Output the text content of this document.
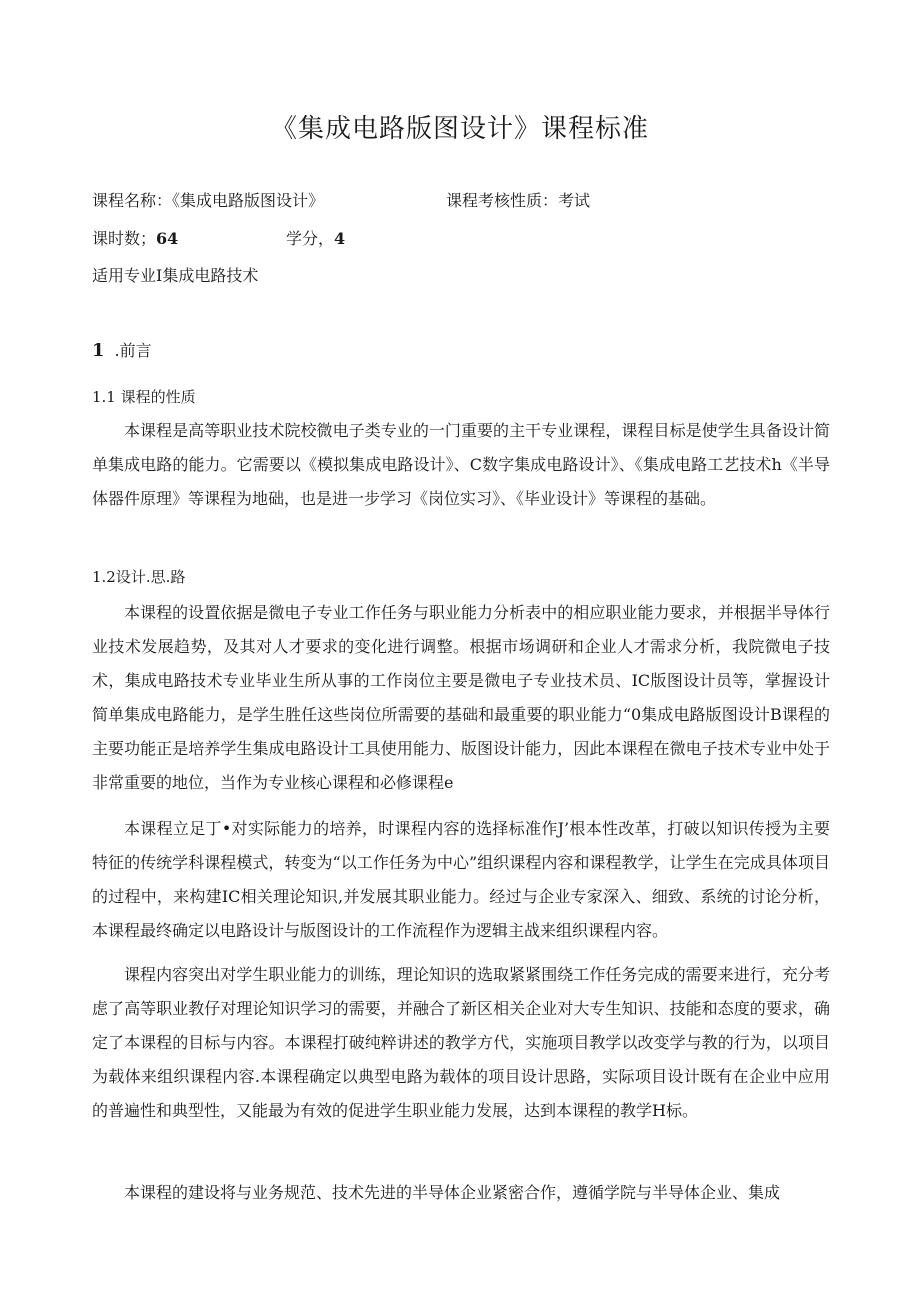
《集成电路版图设计》课程标准
课程名称：《集成电路版图设计》	课程考核性质：考试
课时数；64	学分，4
适用专业Ⅰ集成电路技术
1 .前言
1.1 课程的性质

本课程是高等职业技术院校微电子类专业的一门重要的主干专业课程，课程目标是使学生具备设计简单集成电路的能力。它需要以《模拟集成电路设计》、C数字集成电路设计》、《集成电路工艺技术h《半导体器件原理》等课程为地础，也是进一步学习《岗位实习》、《毕业设计》等课程的基础。

1.2设计.思.路

本课程的设置依据是微电子专业工作任务与职业能力分析表中的相应职业能力要求，并根据半导体行业技术发展趋势，及其对人才要求的变化进行调整。根据市场调研和企业人才需求分析，我院微电子技术，集成电路技术专业毕业生所从事的工作岗位主要是微电子专业技术员、IC版图设计员等，掌握设计简单集成电路能力，是学生胜任这些岗位所需要的基础和最重要的职业能力“0集成电路版图设计B课程的主要功能正是培养学生集成电路设计工具使用能力、版图设计能力，因此本课程在微电子技术专业中处于非常重要的地位，当作为专业核心课程和必修课程e

本课程立足丁•对实际能力的培养，时课程内容的选择标准作J’根本性改革，打破以知识传授为主要特征的传统学科课程模式，转变为“以工作任务为中心”组织课程内容和课程教学，让学生在完成具体项目的过程中，来构建IC相关理论知识,并发展其职业能力。经过与企业专家深入、细致、系统的讨论分析，本课程最终确定以电路设计与版图设计的工作流程作为逻辑主战来组织课程内容。

课程内容突出对学生职业能力的训练，理论知识的选取紧紧围绕工作任务完成的需要来进行，充分考虑了高等职业教仔对理论知识学习的需要，并融合了新区相关企业对大专生知识、技能和态度的要求，确定了本课程的目标与内容。本课程打破纯粹讲述的教学方代，实施项目教学以改变学与教的行为，以项目为载体来组织课程内容.本课程确定以典型电路为载体的项目设计思路，实际项目设计既有在企业中应用的普遍性和典型性，又能最为有效的促进学生职业能力发展，达到本课程的教学H标。

本课程的建设将与业务规范、技术先进的半导体企业紧密合作，遵循学院与半导体企业、集成
